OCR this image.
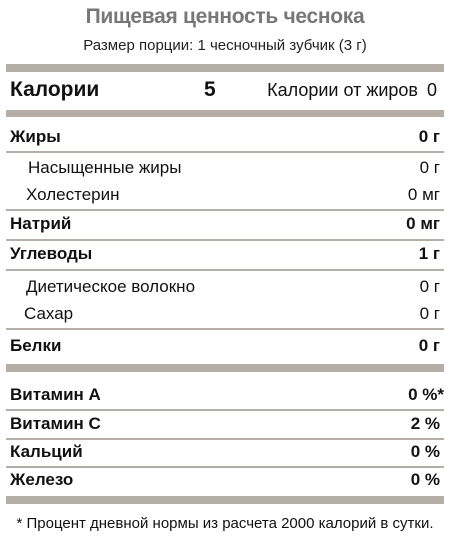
Пищевая ценность чеснока
Размер порции: 1 чесночный зубчик (3 г)
Калории	5	Калории от жиров 0
Жиры	0 г
Насыщенные жиры	0 г
Холестерин	0 мг
Натрий	0 мг
Углеводы	1 г
Диетическое волокно	0 г
Сахар	0 г
Белки	0 г
Витамин A	0 %*
Витамин C	2 %
Кальций	0 %
Железо	0 %
* Процент дневной нормы из расчета 2000 калорий в сутки.
